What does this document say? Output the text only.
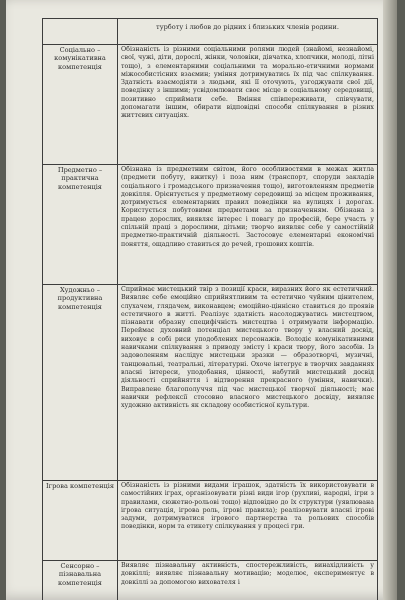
	турботу і любов до рідних і близьких членів родини.
Соціально – комунікативна компетенція	Обізнаність із різними соціальними ролями людей (знайомі, незнайомі, свої, чужі, діти, дорослі, жінки, чоловіки, дівчатка, хлопчики, молоді, літні тощо), з елементарними соціальними та морально-етичними нормами міжособистісних взаємин; уміння дотримуватись їх під час спілкування. Здатність взаємодіяти з людьми, які її оточують, узгоджувати свої дії, поведінку з іншими; усвідомлювати своє місце в соціальному середовищі, позитивно сприймати себе. Вміння співпереживати, співчувати, допомагати іншим, обирати відповідні способи спілкування в різних життєвих ситуаціях.
Предметно – практична компетенція	Обізнана із предметним світом, його особливостями в межах житла (предмети побуту, вжитку) і поза ним (транспорт, споруди закладів соціального і громадського призначення тощо), виготовленням предметів довкілля. Орієнтується у предметному середовищі за місцем проживання, дотримується елементарних правил поведінки на вулицях і дорогах. Користується побутовими предметами за призначенням. Обізнана з працею дорослих, виявляє інтерес і повагу до професій, бере участь у спільній праці з дорослими, дітьми; творчо виявляє себе у самостійній предметно-практичній діяльності. Застосовує елементарні економічні поняття, ощадливо ставиться до речей, грошових коштів.
Художньо – продуктивна компетенція	Сприймає мистецький твір з позиції краси, виразних його як естетичний. Виявляє себе емоційно сприйнятливим та естетично чуйним цінителем, слухачем, глядачем, виконавцем; емоційно-ціннісно ставиться до проявів естетичного в житті. Реалізує здатність насолоджуватись мистецтвом, пізнавати образну специфічність мистецтва і отримувати інформацію. Переймає духовний потенціал мистецького твору у власний досвід, виховує в собі риси уподоблених персонажів. Володіє комунікативними навичками спілкування з приводу змісту і краси твору, його засобів. Із задоволенням наслідує мистецьки зразки — образотворчі, музичні, танцювальні, театральні, літературні. Охоче інтегрує в творчих завданнях власні інтереси, уподобання, цінності, набутий мистецький досвід діяльності сприйняття і відтворення прекрасного (уміння, навички). Виправлене благополуччя під час мистецької творчої діяльності; має навички рефлексії стосовно власного мистецького досвіду, виявляє художню активність як складову особистісної культури.
Ігрова компетенція	Обізнаність із різними видами іграшок, здатність їх використовувати в самостійних іграх, організовувати різні види ігор (рухливі, народні, ігри з правилами, сюжетно-рольові тощо) відповідно до їх структури (уявлювана ігрова ситуація, ігрова роль, ігрові правила); реалізовувати власні ігрові задуми, дотримуватися ігрового партнерства та рольових способів поведінки, норм та етикету спілкування у процесі гри.
Сенсорно – пізнавальна компетенція	Виявляє пізнавальну активність, спостережливість, винахідливість у довкіллі; виявляє пізнавальну мотивацію; моделює, експериментує в довкіллі за допомогою вихователя і
